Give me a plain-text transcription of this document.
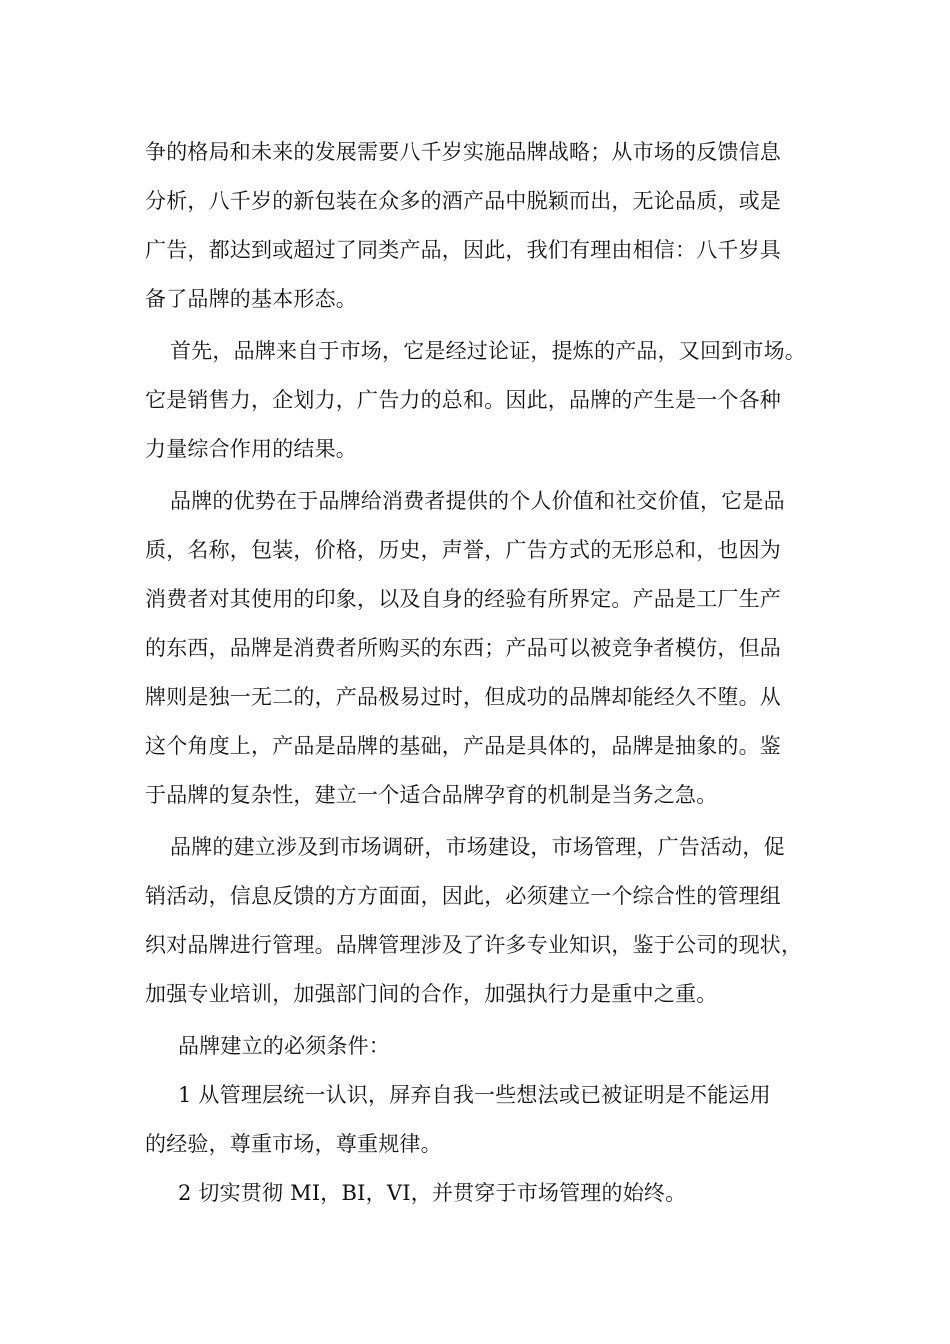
争的格局和未来的发展需要八千岁实施品牌战略；从市场的反馈信息
分析，八千岁的新包装在众多的酒产品中脱颖而出，无论品质，或是
广告，都达到或超过了同类产品，因此，我们有理由相信：八千岁具
备了品牌的基本形态。
首先，品牌来自于市场，它是经过论证，提炼的产品，又回到市场。
它是销售力，企划力，广告力的总和。因此，品牌的产生是一个各种
力量综合作用的结果。
品牌的优势在于品牌给消费者提供的个人价值和社交价值，它是品
质，名称，包装，价格，历史，声誉，广告方式的无形总和，也因为
消费者对其使用的印象，以及自身的经验有所界定。产品是工厂生产
的东西，品牌是消费者所购买的东西；产品可以被竞争者模仿，但品
牌则是独一无二的，产品极易过时，但成功的品牌却能经久不堕。从
这个角度上，产品是品牌的基础，产品是具体的，品牌是抽象的。鉴
于品牌的复杂性，建立一个适合品牌孕育的机制是当务之急。
品牌的建立涉及到市场调研，市场建设，市场管理，广告活动，促
销活动，信息反馈的方方面面，因此，必须建立一个综合性的管理组
织对品牌进行管理。品牌管理涉及了许多专业知识，鉴于公司的现状，
加强专业培训，加强部门间的合作，加强执行力是重中之重。
品牌建立的必须条件：
1 从管理层统一认识，屏弃自我一些想法或已被证明是不能运用
的经验，尊重市场，尊重规律。
2 切实贯彻 MI，BI，VI，并贯穿于市场管理的始终。
